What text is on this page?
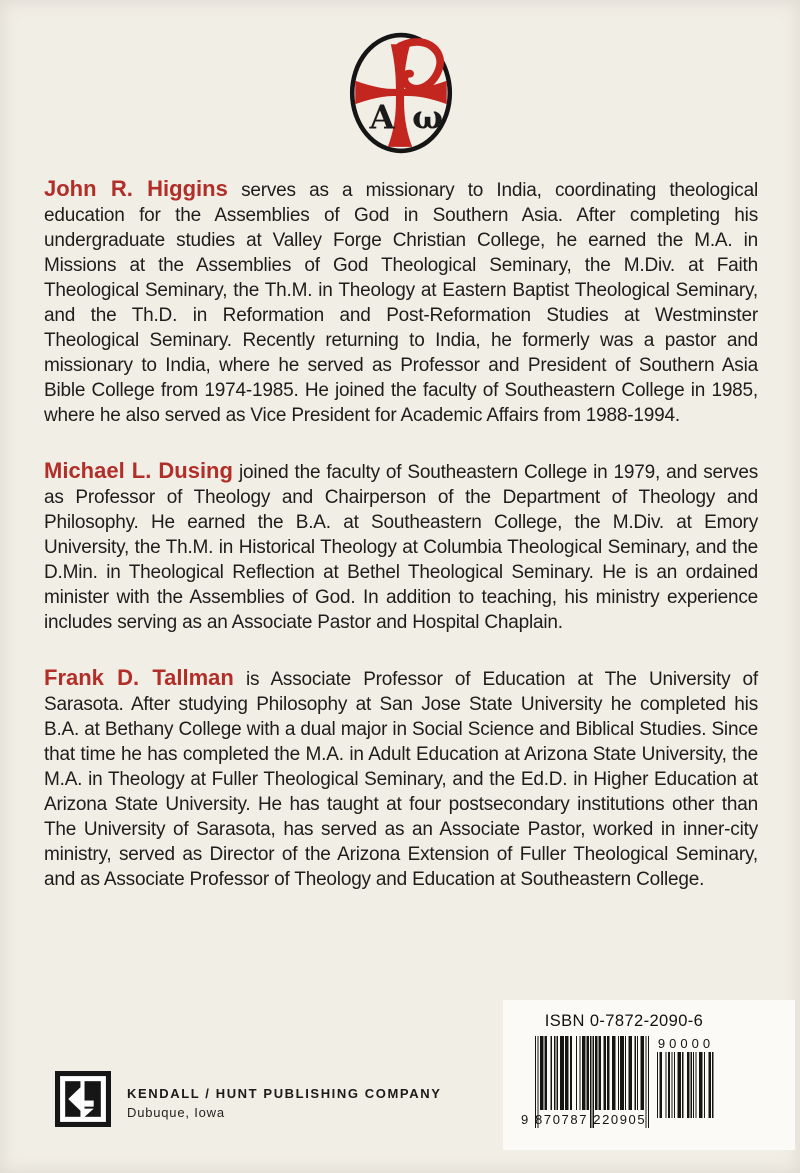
A ω

John R. Higgins serves as a missionary to India, coordinating theological education for the Assemblies of God in Southern Asia. After completing his undergraduate studies at Valley Forge Christian College, he earned the M.A. in Missions at the Assemblies of God Theological Seminary, the M.Div. at Faith Theological Seminary, the Th.M. in Theology at Eastern Baptist Theological Seminary, and the Th.D. in Reformation and Post-Reformation Studies at Westminster Theological Seminary. Recently returning to India, he formerly was a pastor and missionary to India, where he served as Professor and President of Southern Asia Bible College from 1974-1985. He joined the faculty of Southeastern College in 1985, where he also served as Vice President for Academic Affairs from 1988-1994.

Michael L. Dusing joined the faculty of Southeastern College in 1979, and serves as Professor of Theology and Chairperson of the Department of Theology and Philosophy. He earned the B.A. at Southeastern College, the M.Div. at Emory University, the Th.M. in Historical Theology at Columbia Theological Seminary, and the D.Min. in Theological Reflection at Bethel Theological Seminary. He is an ordained minister with the Assemblies of God. In addition to teaching, his ministry experience includes serving as an Associate Pastor and Hospital Chaplain.

Frank D. Tallman is Associate Professor of Education at The University of Sarasota. After studying Philosophy at San Jose State University he completed his B.A. at Bethany College with a dual major in Social Science and Biblical Studies. Since that time he has completed the M.A. in Adult Education at Arizona State University, the M.A. in Theology at Fuller Theological Seminary, and the Ed.D. in Higher Education at Arizona State University. He has taught at four postsecondary institutions other than The University of Sarasota, has served as an Associate Pastor, worked in inner-city ministry, served as Director of the Arizona Extension of Fuller Theological Seminary, and as Associate Professor of Theology and Education at Southeastern College.

ISBN 0-7872-2090-6
9 870787 220905
90000
KENDALL / HUNT PUBLISHING COMPANY
Dubuque, Iowa
